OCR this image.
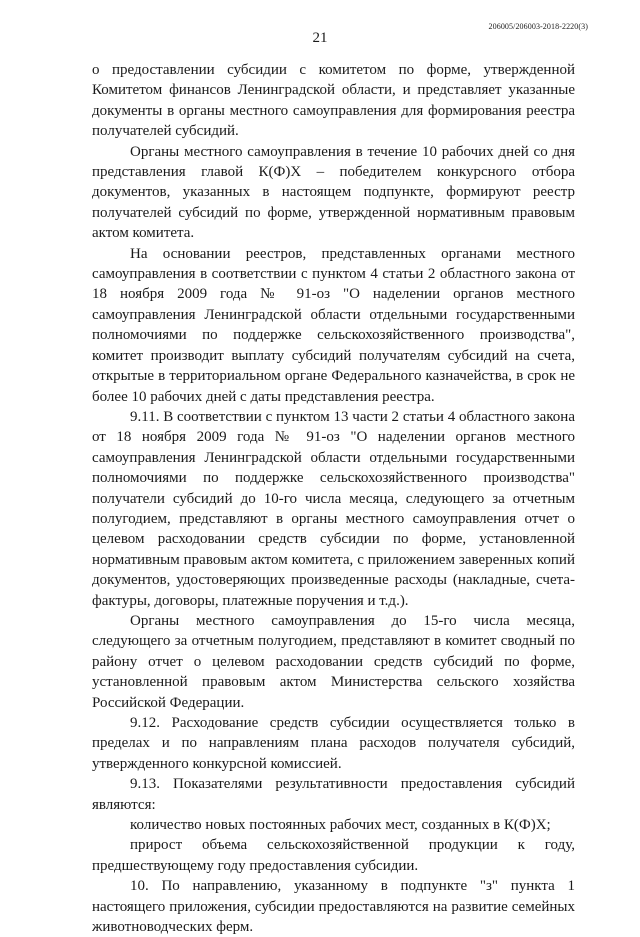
21
206005/206003-2018-2220(3)

о предоставлении субсидии с комитетом по форме, утвержденной Комитетом финансов Ленинградской области, и представляет указанные документы в органы местного самоуправления для формирования реестра получателей субсидий.

Органы местного самоуправления в течение 10 рабочих дней со дня представления главой К(Ф)Х – победителем конкурсного отбора документов, указанных в настоящем подпункте, формируют реестр получателей субсидий по форме, утвержденной нормативным правовым актом комитета.

На основании реестров, представленных органами местного самоуправления в соответствии с пунктом 4 статьи 2 областного закона от 18 ноября 2009 года № 91-оз "О наделении органов местного самоуправления Ленинградской области отдельными государственными полномочиями по поддержке сельскохозяйственного производства", комитет производит выплату субсидий получателям субсидий на счета, открытые в территориальном органе Федерального казначейства, в срок не более 10 рабочих дней с даты представления реестра.

9.11. В соответствии с пунктом 13 части 2 статьи 4 областного закона от 18 ноября 2009 года № 91-оз "О наделении органов местного самоуправления Ленинградской области отдельными государственными полномочиями по поддержке сельскохозяйственного производства" получатели субсидий до 10-го числа месяца, следующего за отчетным полугодием, представляют в органы местного самоуправления отчет о целевом расходовании средств субсидии по форме, установленной нормативным правовым актом комитета, с приложением заверенных копий документов, удостоверяющих произведенные расходы (накладные, счета-фактуры, договоры, платежные поручения и т.д.).

Органы местного самоуправления до 15-го числа месяца, следующего за отчетным полугодием, представляют в комитет сводный по району отчет о целевом расходовании средств субсидий по форме, установленной правовым актом Министерства сельского хозяйства Российской Федерации.

9.12. Расходование средств субсидии осуществляется только в пределах и по направлениям плана расходов получателя субсидий, утвержденного конкурсной комиссией.

9.13. Показателями результативности предоставления субсидий являются:

количество новых постоянных рабочих мест, созданных в К(Ф)Х;

прирост объема сельскохозяйственной продукции к году, предшествующему году предоставления субсидии.

10. По направлению, указанному в подпункте "з" пункта 1 настоящего приложения, субсидии предоставляются на развитие семейных животноводческих ферм.
